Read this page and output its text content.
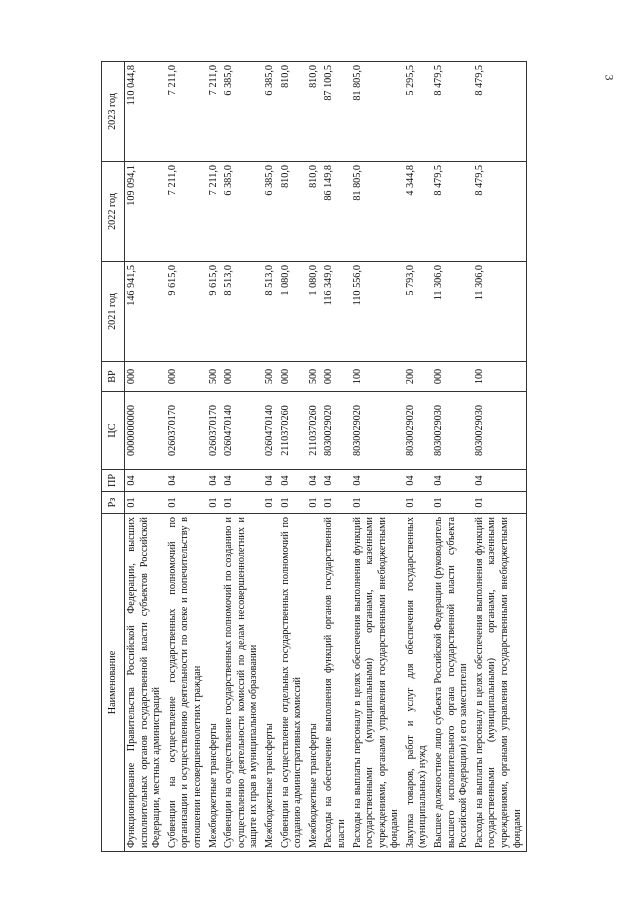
3
Наименование	Рз	ПР	ЦС	ВР	2021 год	2022 год	2023 год
Функционирование Правительства Российской Федерации, высших исполнительных органов государственной власти субъектов Российской Федерации, местных администраций	01	04	0000000000	000	146 941,5	109 094,1	110 044,8
Субвенции на осуществление государственных полномочий по организации и осуществлению деятельности по опеке и попечительству в отношении несовершеннолетних граждан	01	04	0260370170	000	9 615,0	7 211,0	7 211,0
Межбюджетные трансферты	01	04	0260370170	500	9 615,0	7 211,0	7 211,0
Субвенции на осуществление государственных полномочий по созданию и осуществлению деятельности комиссий по делам несовершеннолетних и защите их прав в муниципальном образовании	01	04	0260470140	000	8 513,0	6 385,0	6 385,0
Межбюджетные трансферты	01	04	0260470140	500	8 513,0	6 385,0	6 385,0
Субвенции на осуществление отдельных государственных полномочий по созданию административных комиссий	01	04	2110370260	000	1 080,0	810,0	810,0
Межбюджетные трансферты	01	04	2110370260	500	1 080,0	810,0	810,0
Расходы на обеспечение выполнения функций органов государственной власти	01	04	8030029020	000	116 349,0	86 149,8	87 100,5
Расходы на выплаты персоналу в целях обеспечения выполнения функций государственными (муниципальными) органами, казенными учреждениями, органами управления государственными внебюджетными фондами	01	04	8030029020	100	110 556,0	81 805,0	81 805,0
Закупка товаров, работ и услуг для обеспечения государственных (муниципальных) нужд	01	04	8030029020	200	5 793,0	4 344,8	5 295,5
Высшее должностное лицо субъекта Российской Федерации (руководитель высшего исполнительного органа государственной власти субъекта Российской Федерации) и его заместители	01	04	8030029030	000	11 306,0	8 479,5	8 479,5
Расходы на выплаты персоналу в целях обеспечения выполнения функций государственными (муниципальными) органами, казенными учреждениями, органами управления государственными внебюджетными фондами	01	04	8030029030	100	11 306,0	8 479,5	8 479,5
